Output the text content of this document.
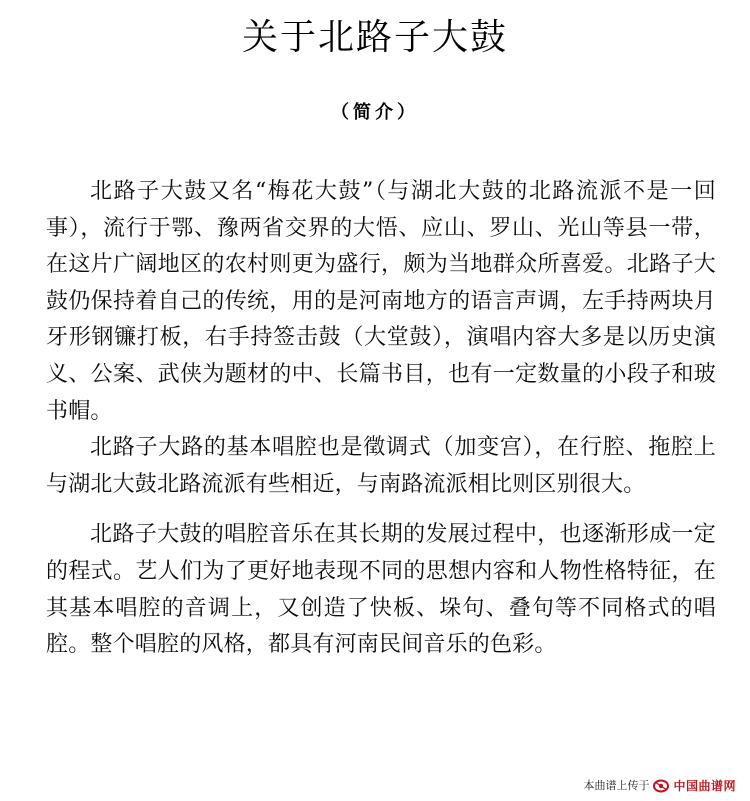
关于北路子大鼓
（简介）

北路子大鼓又名“梅花大鼓”（与湖北大鼓的北路流派不是一回事），流行于鄂、豫两省交界的大悟、应山、罗山、光山等县一带，在这片广阔地区的农村则更为盛行，颇为当地群众所喜爱。北路子大鼓仍保持着自己的传统，用的是河南地方的语言声调，左手持两块月牙形钢镰打板，右手持签击鼓（大堂鼓），演唱内容大多是以历史演义、公案、武侠为题材的中、长篇书目，也有一定数量的小段子和玻书帽。

北路子大路的基本唱腔也是徵调式（加变宫），在行腔、拖腔上与湖北大鼓北路流派有些相近，与南路流派相比则区别很大。

北路子大鼓的唱腔音乐在其长期的发展过程中，也逐渐形成一定的程式。艺人们为了更好地表现不同的思想内容和人物性格特征，在其基本唱腔的音调上，又创造了快板、垛句、叠句等不同格式的唱腔。整个唱腔的风格，都具有河南民间音乐的色彩。

本曲谱上传于 中国曲谱网
